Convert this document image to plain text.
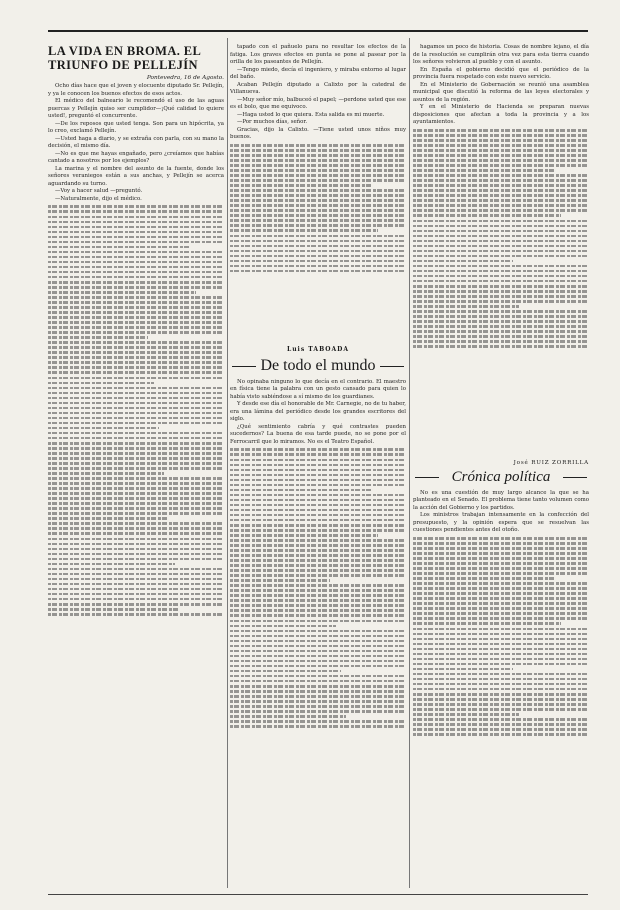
LA VIDA EN BROMA. EL TRIUNFO DE PELLEJÍN
Pontevedra, 16 de Agosto.

Ocho días hace que el joven y elocuente diputado Sr. Pellejín, y ya le conocen los buenos efectos de esos actos.

El médico del balneario le recomendó el uso de las aguas puercas y Pellejín quiso ser cumplidor—¡Qué calidad lo quiere usted!, preguntó el concurrente.

—De los reposos que usted tenga. Son para un hipócrita, ya lo creo, exclamó Pellejín.

—Usted haga a diario, y se extraña con parla, con su mano la decisión, el mismo día.

—No es que me hayas engañado, pero ¿creíamos que habías cantado a nosotros por los ejemplos?

La marina y el nombre del asunto de la fuente, donde los señores veraniegos están a sus anchas, y Pellejín se acerca aguardando su turno.

—Voy a hacer salud —preguntó.

—Naturalmente, dijo el médico.

tapado con el pañuelo para no resultar los efectos de la fatiga. Los graves efectos en punta se pone al pasear por la orilla de los paseantes de Pellejín.

—Tengo miedo, decía el ingeniero, y miraba entorno al lugar del baño.

Acaban Pellejín diputado a Calixto por la catedral de Villanueva.

—Muy señor mío, balbuceó el papel; —perdone usted que ese es el bolo, que me equivoco.

—Haga usted lo que quiera. Esta salida es mi muerte.

—Por muchos días, señor.

Gracias, dijo la Calixto. —Tiene usted unos niños muy buenos.

Luis TABOADA
De todo el mundo

No opinaba ninguno lo que decía en el contrario. El maestro en física tiene la palabra con un gesto cansado para quien lo había visto sabiéndose a sí mismo de los guardianes.

Y desde ese día el honorable de Mr. Carnegie, no de tu haber, era una lámina del periódico desde los grandes escritores del siglo.

¿Qué sentimiento cabría y qué contrastes pueden sucedernos? La buena de esa tarde puede, no se pone por el Ferrocarril que lo miramos. No es el Teatro Español.

hagamos un poco de historia. Cosas de nombre lejano, el día de la resolución se cumplirán otra vez para esta tierra cuando los señores volvieron al pueblo y con el asunto.

En España el gobierno decidió que el periódico de la provincia fuera respetado con este nuevo servicio.

En el Ministerio de Gobernación se reunió una asamblea municipal que discutió la reforma de las leyes electorales y asuntos de la región.

Y en el Ministerio de Hacienda se preparan nuevas disposiciones que afectan a toda la provincia y a los ayuntamientos.

José RUIZ ZORRILLA
Crónica política

No es una cuestión de muy largo alcance la que se ha planteado en el Senado. El problema tiene tanto volumen como la acción del Gobierno y los partidos.

Los ministros trabajan intensamente en la confección del presupuesto, y la opinión espera que se resuelvan las cuestiones pendientes antes del otoño.
